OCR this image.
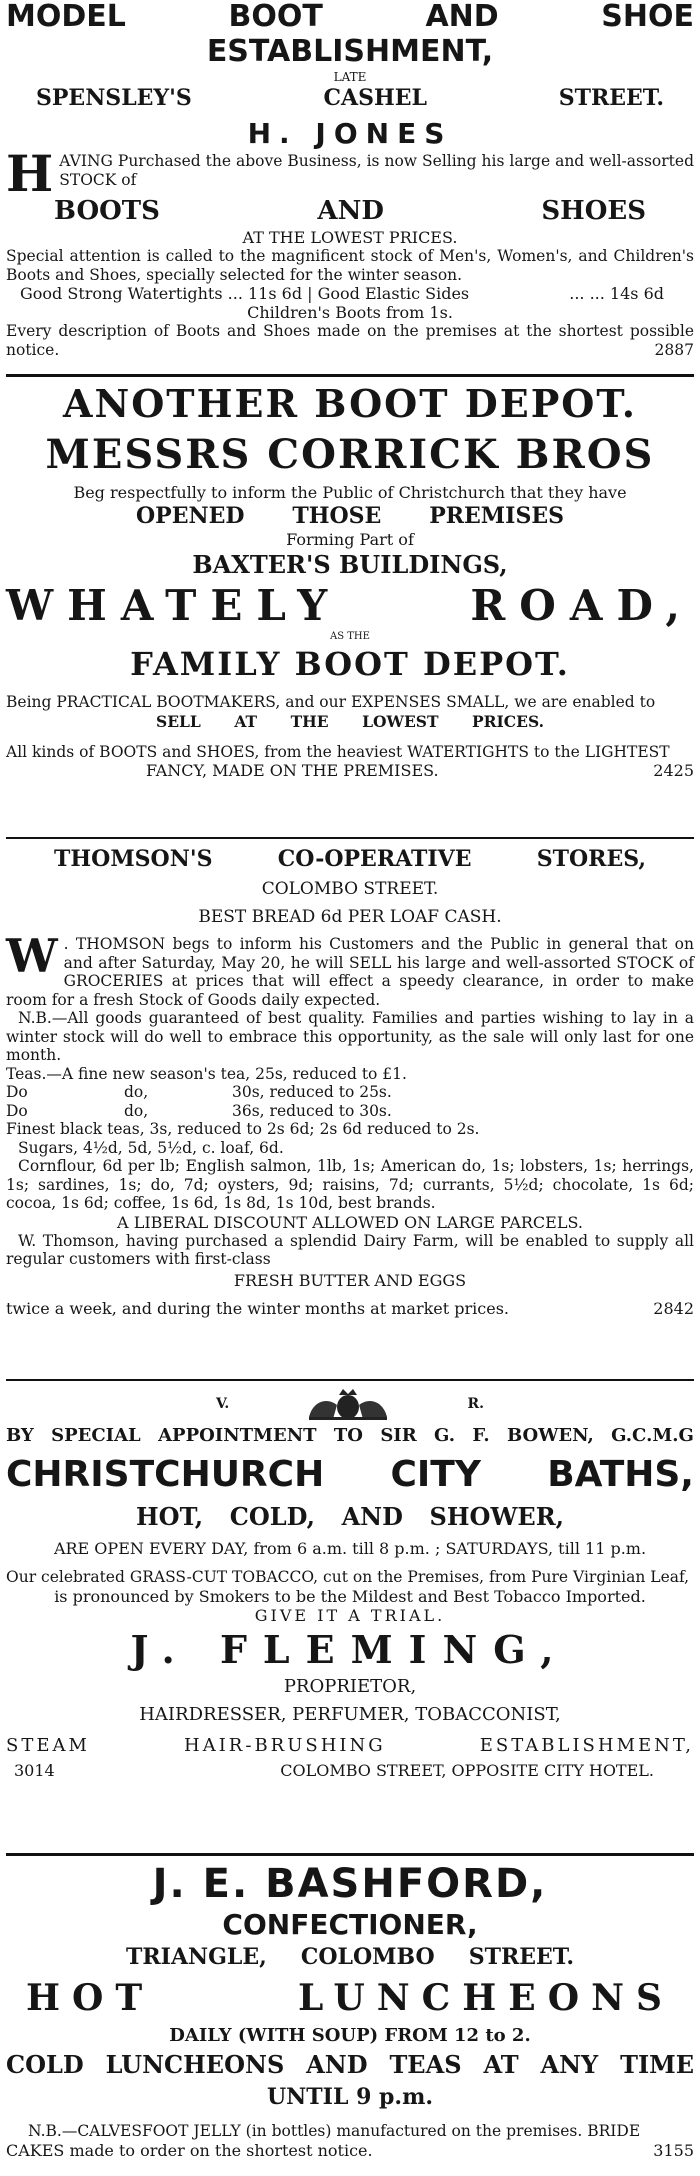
MODEL	BOOT	AND	SHOE
ESTABLISHMENT,
LATE
SPENSLEY'S	CASHEL	STREET.
H. JONES
H AVING Purchased the above Business, is now Selling his large and well-assorted STOCK of
BOOTS	AND	SHOES
AT THE LOWEST PRICES.
Special attention is called to the magnificent stock of Men's, Women's, and Children's Boots and Shoes, specially selected for the winter season.
Good Strong Watertights ... 11s 6d | Good Elastic Sides	... ... 14s 6d
Children's Boots from 1s.
Every description of Boots and Shoes made on the premises at the shortest possible notice.	2887
ANOTHER BOOT DEPOT.
MESSRS CORRICK BROS
Beg respectfully to inform the Public of Christchurch that they have
OPENED THOSE PREMISES
Forming Part of
BAXTER'S BUILDINGS,
WHATELY	ROAD,
AS THE
FAMILY BOOT DEPOT.
Being PRACTICAL BOOTMAKERS, and our EXPENSES SMALL, we are enabled to
SELL AT THE LOWEST PRICES.
All kinds of BOOTS and SHOES, from the heaviest WATERTIGHTS to the LIGHTEST
FANCY, MADE ON THE PREMISES.	2425
THOMSON'S	CO-OPERATIVE	STORES,
COLOMBO STREET.
BEST BREAD 6d PER LOAF CASH.
W . THOMSON begs to inform his Customers and the Public in general that on and after Saturday, May 20, he will SELL his large and well-assorted STOCK of GROCERIES at prices that will effect a speedy clearance, in order to make room for a fresh Stock of Goods daily expected.
N.B.—All goods guaranteed of best quality. Families and parties wishing to lay in a winter stock will do well to embrace this opportunity, as the sale will only last for one month.
Teas.—A fine new season's tea, 25s, reduced to £1.		
Do	do,	30s, reduced to 25s.
Do	do,	36s, reduced to 30s.
Finest black teas, 3s, reduced to 2s 6d; 2s 6d reduced to 2s.
Sugars, 4½d, 5d, 5½d, c. loaf, 6d.
Cornflour, 6d per lb; English salmon, 1lb, 1s; American do, 1s; lobsters, 1s; herrings, 1s; sardines, 1s; do, 7d; oysters, 9d; raisins, 7d; currants, 5½d; chocolate, 1s 6d; cocoa, 1s 6d; coffee, 1s 6d, 1s 8d, 1s 10d, best brands.
A LIBERAL DISCOUNT ALLOWED ON LARGE PARCELS.
W. Thomson, having purchased a splendid Dairy Farm, will be enabled to supply all regular customers with first-class
FRESH BUTTER AND EGGS
twice a week, and during the winter months at market prices.	2842
V.	R.
BY SPECIAL APPOINTMENT TO SIR G. F. BOWEN, G.C.M.G
CHRISTCHURCH CITY BATHS,
HOT, COLD, AND SHOWER,
ARE OPEN EVERY DAY, from 6 a.m. till 8 p.m. ; SATURDAYS, till 11 p.m.
Our celebrated GRASS-CUT TOBACCO, cut on the Premises, from Pure Virginian Leaf,
is pronounced by Smokers to be the Mildest and Best Tobacco Imported.
GIVE IT A TRIAL.
J. FLEMING,
PROPRIETOR,
HAIRDRESSER, PERFUMER, TOBACCONIST,
STEAM	HAIR-BRUSHING	ESTABLISHMENT,
3014	COLOMBO STREET, OPPOSITE CITY HOTEL.
J. E. BASHFORD,
CONFECTIONER,
TRIANGLE, COLOMBO STREET.
HOT	LUNCHEONS
DAILY (WITH SOUP) FROM 12 to 2.
COLD LUNCHEONS AND TEAS AT ANY TIME
UNTIL 9 p.m.
N.B.—CALVESFOOT JELLY (in bottles) manufactured on the premises. BRIDE
CAKES made to order on the shortest notice.	3155
